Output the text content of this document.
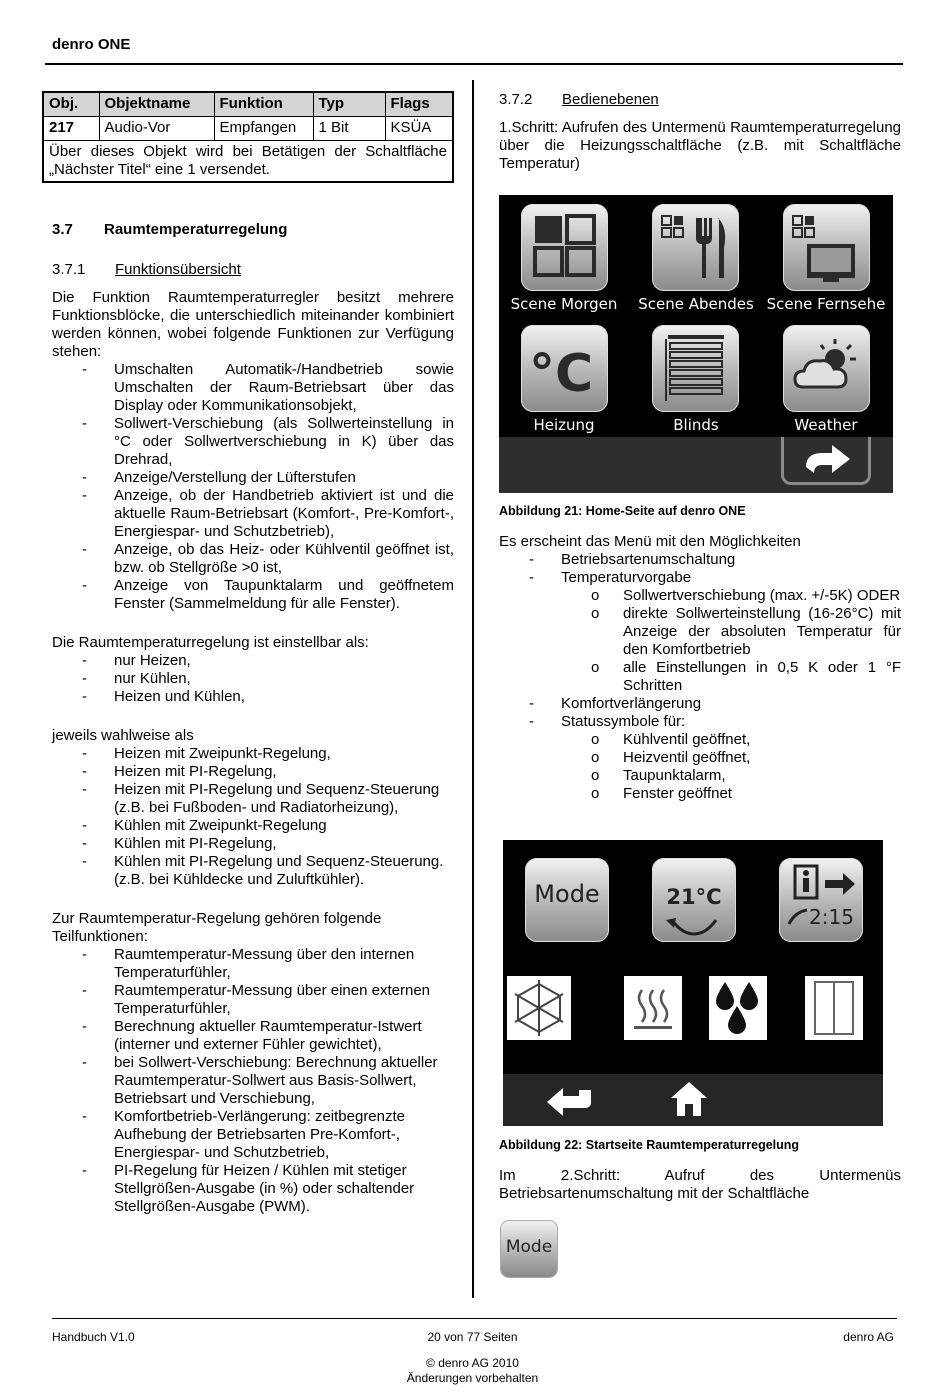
denro ONE
Obj.	Objektname	Funktion	Typ	Flags
217	Audio-Vor	Empfangen	1 Bit	KSÜA
Über dieses Objekt wird bei Betätigen der Schaltfläche „Nächster Titel“ eine 1 versendet.				
3.7 Raumtemperaturregelung
3.7.1 Funktionsübersicht

Die Funktion Raumtemperaturregler besitzt mehrere Funktionsblöcke, die unterschiedlich miteinander kombiniert werden können, wobei folgende Funktionen zur Verfügung stehen:

- Umschalten Automatik-/Handbetrieb sowie Umschalten der Raum-Betriebsart über das Display oder Kommunikationsobjekt,
- Sollwert-Verschiebung (als Sollwerteinstellung in °C oder Sollwertverschiebung in K) über das Drehrad,
- Anzeige/Verstellung der Lüfterstufen
- Anzeige, ob der Handbetrieb aktiviert ist und die aktuelle Raum-Betriebsart (Komfort-, Pre-Komfort-, Energiespar- und Schutzbetrieb),
- Anzeige, ob das Heiz- oder Kühlventil geöffnet ist, bzw. ob Stellgröße >0 ist,
- Anzeige von Taupunktalarm und geöffnetem Fenster (Sammelmeldung für alle Fenster).

Die Raumtemperaturregelung ist einstellbar als:

- nur Heizen,
- nur Kühlen,
- Heizen und Kühlen,

jeweils wahlweise als

- Heizen mit Zweipunkt-Regelung,
- Heizen mit PI-Regelung,
- Heizen mit PI-Regelung und Sequenz-Steuerung (z.B. bei Fußboden- und Radiatorheizung),
- Kühlen mit Zweipunkt-Regelung
- Kühlen mit PI-Regelung,
- Kühlen mit PI-Regelung und Sequenz-Steuerung.(z.B. bei Kühldecke und Zuluftkühler).

Zur Raumtemperatur-Regelung gehören folgende Teilfunktionen:

- Raumtemperatur-Messung über den internen Temperaturfühler,
- Raumtemperatur-Messung über einen externen Temperaturfühler,
- Berechnung aktueller Raumtemperatur-Istwert (interner und externer Fühler gewichtet),
- bei Sollwert-Verschiebung: Berechnung aktueller Raumtemperatur-Sollwert aus Basis-Sollwert, Betriebsart und Verschiebung,
- Komfortbetrieb-Verlängerung: zeitbegrenzte Aufhebung der Betriebsarten Pre-Komfort-, Energiespar- und Schutzbetrieb,
- PI-Regelung für Heizen / Kühlen mit stetiger Stellgrößen-Ausgabe (in %) oder schaltender Stellgrößen-Ausgabe (PWM).
3.7.2 Bedienebenen

1.Schritt: Aufrufen des Untermenü Raumtemperaturregelung über die Heizungsschaltfläche (z.B. mit Schaltfläche Temperatur)

Scene Morgen	Scene Abendes Scene Fernsehe
°C
Heizung	Blinds	Weather

Abbildung 21: Home-Seite auf denro ONE

Es erscheint das Menü mit den Möglichkeiten

- Betriebsartenumschaltung
- Temperaturvorgabe
o Sollwertverschiebung (max. +/-5K) ODER
o direkte Sollwerteinstellung (16-26°C) mit Anzeige der absoluten Temperatur für den Komfortbetrieb
o alle Einstellungen in 0,5 K oder 1 °F Schritten
- Komfortverlängerung
- Statussymbole für:
o Kühlventil geöffnet,
o Heizventil geöffnet,
o Taupunktalarm,
o Fenster geöffnet
Mode	21°C
2:15

Abbildung 22: Startseite Raumtemperaturregelung

Im 2.Schritt: Aufruf des Untermenüs Betriebsartenumschaltung mit der Schaltfläche

Mode
Handbuch V1.0	20 von 77 Seiten	denro AG
© denro AG 2010
Änderungen vorbehalten
